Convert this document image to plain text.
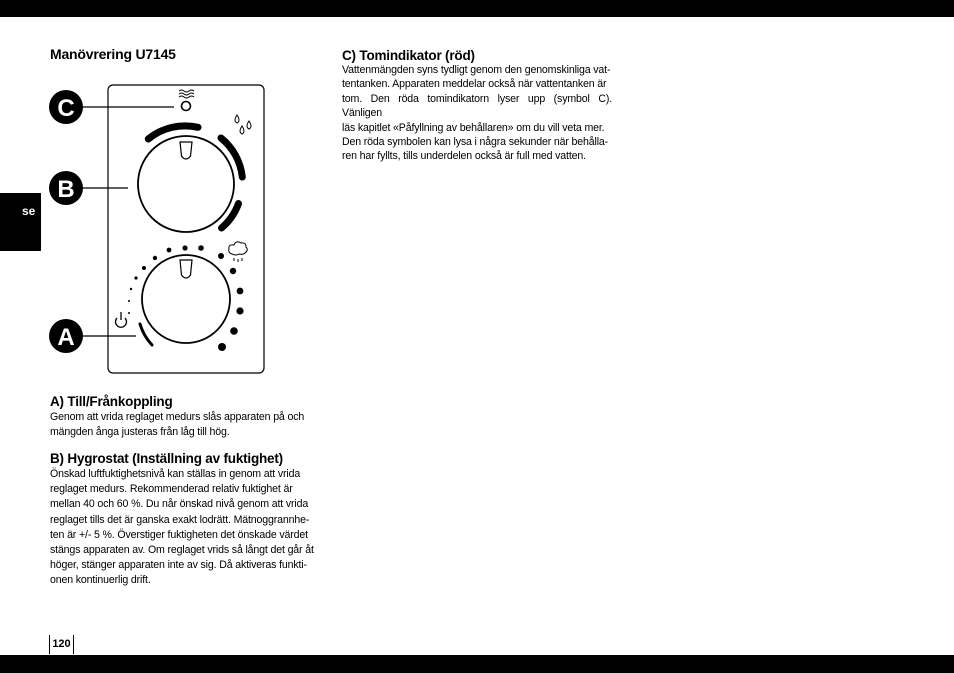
se
120
Manövrering U7145
C
B
A
A) Till/Frånkoppling
Genom att vrida reglaget medurs slås apparaten på och
mängden ånga justeras från låg till hög.
B) Hygrostat (Inställning av fuktighet)
Önskad luftfuktighetsnivå kan ställas in genom att vrida
reglaget medurs. Rekommenderad relativ fuktighet är
mellan 40 och 60 %. Du når önskad nivå genom att vrida
reglaget tills det är ganska exakt lodrätt. Mätnoggrannhe-
ten är +/- 5 %. Överstiger fuktigheten det önskade värdet
stängs apparaten av. Om reglaget vrids så långt det går åt
höger, stänger apparaten inte av sig. Då aktiveras funkti-
onen kontinuerlig drift.
C) Tomindikator (röd)
Vattenmängden syns tydligt genom den genomskinliga vat-
tentanken. Apparaten meddelar också när vattentanken är
tom. Den röda tomindikatorn lyser upp (symbol C). Vänligen
läs kapitlet «Påfyllning av behållaren» om du vill veta mer.
Den röda symbolen kan lysa i några sekunder när behålla-
ren har fyllts, tills underdelen också är full med vatten.
